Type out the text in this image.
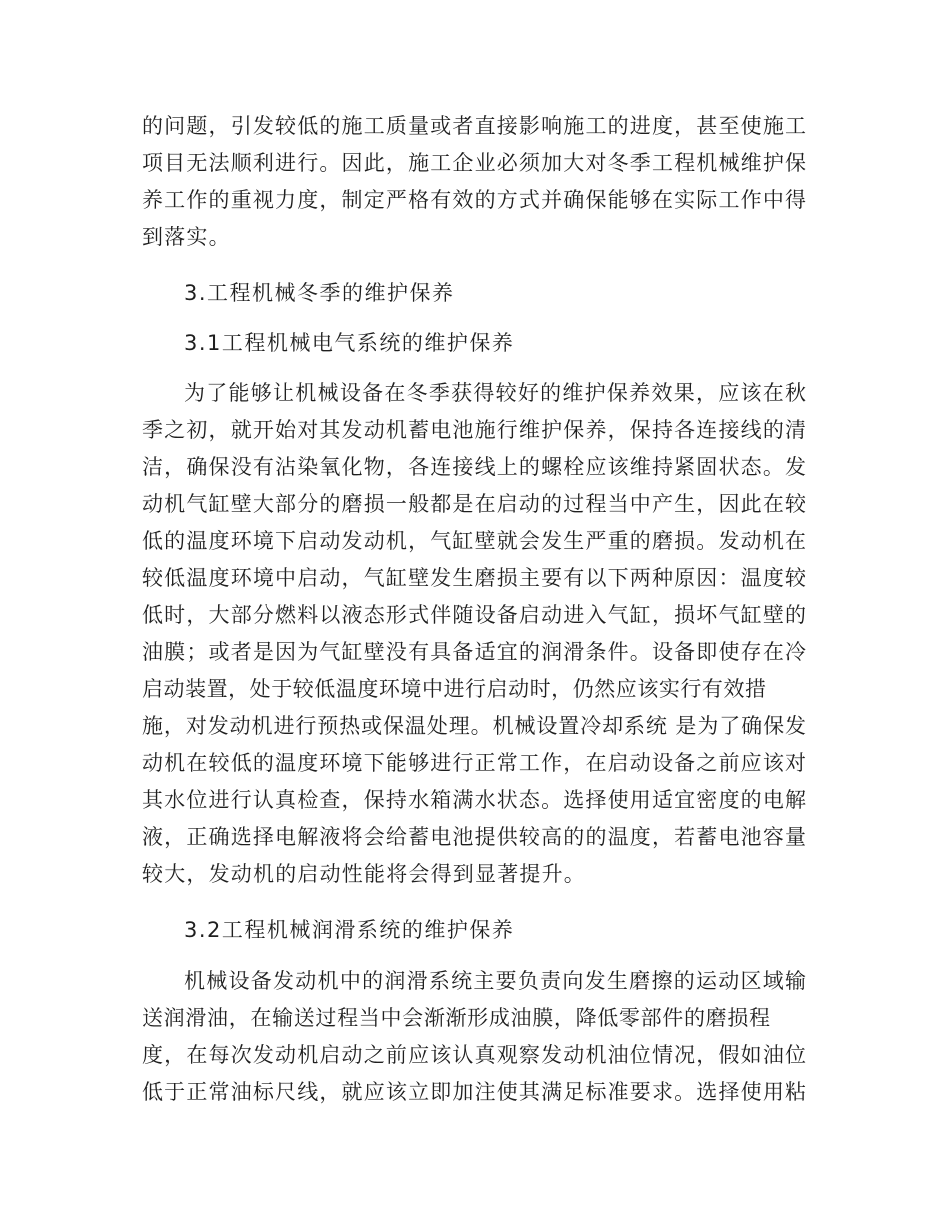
的问题，引发较低的施工质量或者直接影响施工的进度，甚至使施工
项目无法顺利进行。因此，施工企业必须加大对冬季工程机械维护保
养工作的重视力度，制定严格有效的方式并确保能够在实际工作中得
到落实。
3.工程机械冬季的维护保养
3.1工程机械电气系统的维护保养
为了能够让机械设备在冬季获得较好的维护保养效果，应该在秋
季之初，就开始对其发动机蓄电池施行维护保养，保持各连接线的清
洁，确保没有沾染氧化物，各连接线上的螺栓应该维持紧固状态。发
动机气缸壁大部分的磨损一般都是在启动的过程当中产生，因此在较
低的温度环境下启动发动机，气缸壁就会发生严重的磨损。发动机在
较低温度环境中启动，气缸壁发生磨损主要有以下两种原因：温度较
低时，大部分燃料以液态形式伴随设备启动进入气缸，损坏气缸壁的
油膜；或者是因为气缸壁没有具备适宜的润滑条件。设备即使存在冷
启动装置，处于较低温度环境中进行启动时，仍然应该实行有效措
施，对发动机进行预热或保温处理。机械设置冷却系统 是为了确保发
动机在较低的温度环境下能够进行正常工作，在启动设备之前应该对
其水位进行认真检查，保持水箱满水状态。选择使用适宜密度的电解
液，正确选择电解液将会给蓄电池提供较高的的温度，若蓄电池容量
较大，发动机的启动性能将会得到显著提升。
3.2工程机械润滑系统的维护保养
机械设备发动机中的润滑系统主要负责向发生磨擦的运动区域输
送润滑油，在输送过程当中会渐渐形成油膜，降低零部件的磨损程
度，在每次发动机启动之前应该认真观察发动机油位情况，假如油位
低于正常油标尺线，就应该立即加注使其满足标准要求。选择使用粘
